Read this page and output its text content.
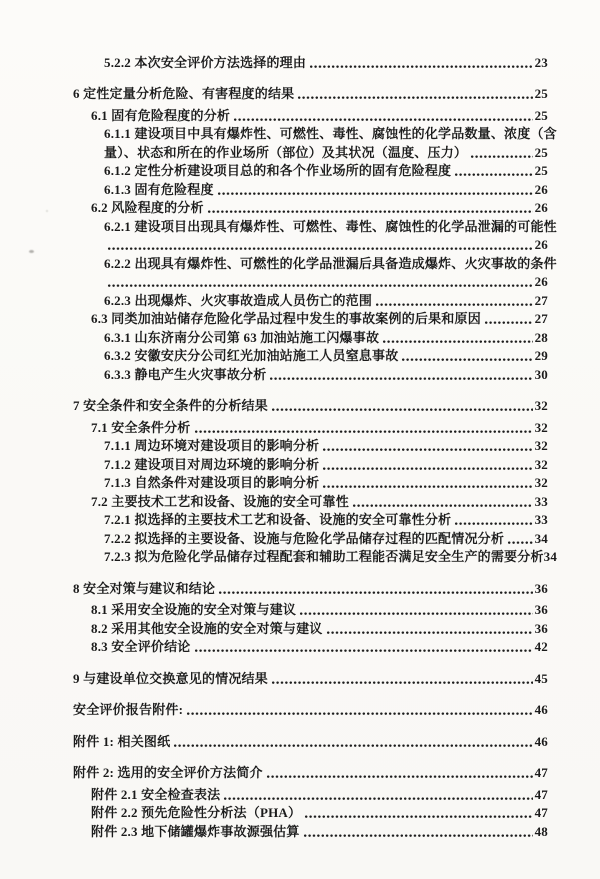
5.2.2 本次安全评价方法选择的理由	23
6 定性定量分析危险、有害程度的结果	25
6.1 固有危险程度的分析	25
6.1.1 建设项目中具有爆炸性、可燃性、毒性、腐蚀性的化学品数量、浓度（含
量）、状态和所在的作业场所（部位）及其状况（温度、压力）	25
6.1.2 定性分析建设项目总的和各个作业场所的固有危险程度	25
6.1.3 固有危险程度	26
6.2 风险程度的分析	26
6.2.1 建设项目出现具有爆炸性、可燃性、毒性、腐蚀性的化学品泄漏的可能性
26
6.2.2 出现具有爆炸性、可燃性的化学品泄漏后具备造成爆炸、火灾事故的条件
26
6.2.3 出现爆炸、火灾事故造成人员伤亡的范围	27
6.3 同类加油站储存危险化学品过程中发生的事故案例的后果和原因	27
6.3.1 山东济南分公司第 63 加油站施工闪爆事故	28
6.3.2 安徽安庆分公司红光加油站施工人员窒息事故	29
6.3.3 静电产生火灾事故分析	30
7 安全条件和安全条件的分析结果	32
7.1 安全条件分析	32
7.1.1 周边环境对建设项目的影响分析	32
7.1.2 建设项目对周边环境的影响分析	32
7.1.3 自然条件对建设项目的影响分析	32
7.2 主要技术工艺和设备、设施的安全可靠性	33
7.2.1 拟选择的主要技术工艺和设备、设施的安全可靠性分析	33
7.2.2 拟选择的主要设备、设施与危险化学品储存过程的匹配情况分析 34
7.2.3 拟为危险化学品储存过程配套和辅助工程能否满足安全生产的需要分析 34
8 安全对策与建议和结论	36
8.1 采用安全设施的安全对策与建议	36
8.2 采用其他安全设施的安全对策与建议	36
8.3 安全评价结论	42
9 与建设单位交换意见的情况结果	45
安全评价报告附件:	46
附件 1: 相关图纸	46
附件 2: 选用的安全评价方法简介	47
附件 2.1 安全检查表法	47
附件 2.2 预先危险性分析法（PHA）	47
附件 2.3 地下储罐爆炸事故源强估算	48
